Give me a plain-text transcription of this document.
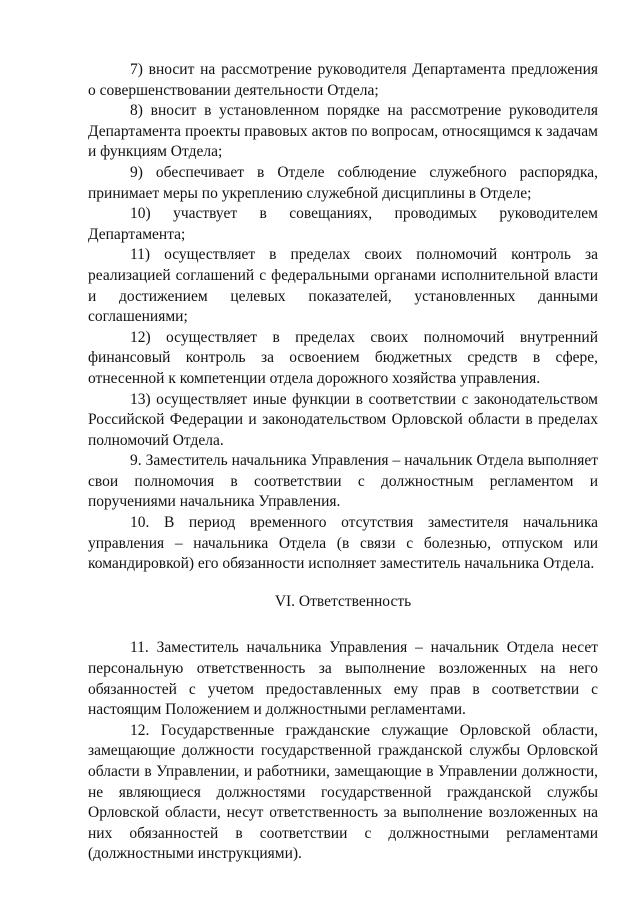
7) вносит на рассмотрение руководителя Департамента предложения о совершенствовании деятельности Отдела;

8) вносит в установленном порядке на рассмотрение руководителя Департамента проекты правовых актов по вопросам, относящимся к задачам и функциям Отдела;

9) обеспечивает в Отделе соблюдение служебного распорядка, принимает меры по укреплению служебной дисциплины в Отделе;

10) участвует в совещаниях, проводимых руководителем Департамента;

11) осуществляет в пределах своих полномочий контроль за реализацией соглашений с федеральными органами исполнительной власти и достижением целевых показателей, установленных данными соглашениями;

12) осуществляет в пределах своих полномочий внутренний финансовый контроль за освоением бюджетных средств в сфере, отнесенной к компетенции отдела дорожного хозяйства управления.

13) осуществляет иные функции в соответствии с законодательством Российской Федерации и законодательством Орловской области в пределах полномочий Отдела.

9. Заместитель начальника Управления – начальник Отдела выполняет свои полномочия в соответствии с должностным регламентом и поручениями начальника Управления.

10. В период временного отсутствия заместителя начальника управления – начальника Отдела (в связи с болезнью, отпуском или командировкой) его обязанности исполняет заместитель начальника Отдела.

VI. Ответственность

11. Заместитель начальника Управления – начальник Отдела несет персональную ответственность за выполнение возложенных на него обязанностей с учетом предоставленных ему прав в соответствии с настоящим Положением и должностными регламентами.

12. Государственные гражданские служащие Орловской области, замещающие должности государственной гражданской службы Орловской области в Управлении, и работники, замещающие в Управлении должности, не являющиеся должностями государственной гражданской службы Орловской области, несут ответственность за выполнение возложенных на них обязанностей в соответствии с должностными регламентами (должностными инструкциями).
